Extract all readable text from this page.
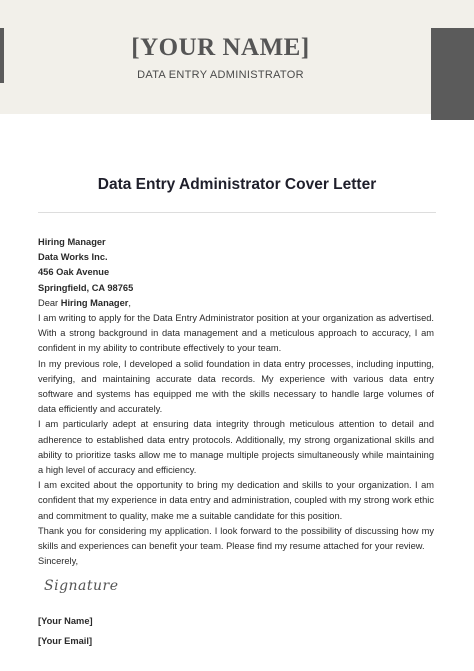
[YOUR NAME]
DATA ENTRY ADMINISTRATOR
Data Entry Administrator Cover Letter

Hiring Manager

Data Works Inc.

456 Oak Avenue

Springfield, CA 98765

Dear Hiring Manager,

I am writing to apply for the Data Entry Administrator position at your organization as advertised. With a strong background in data management and a meticulous approach to accuracy, I am confident in my ability to contribute effectively to your team.

In my previous role, I developed a solid foundation in data entry processes, including inputting, verifying, and maintaining accurate data records. My experience with various data entry software and systems has equipped me with the skills necessary to handle large volumes of data efficiently and accurately.

I am particularly adept at ensuring data integrity through meticulous attention to detail and adherence to established data entry protocols. Additionally, my strong organizational skills and ability to prioritize tasks allow me to manage multiple projects simultaneously while maintaining a high level of accuracy and efficiency.

I am excited about the opportunity to bring my dedication and skills to your organization. I am confident that my experience in data entry and administration, coupled with my strong work ethic and commitment to quality, make me a suitable candidate for this position.

Thank you for considering my application. I look forward to the possibility of discussing how my skills and experiences can benefit your team. Please find my resume attached for your review.

Sincerely,

Signature
[Your Name]
[Your Email]
